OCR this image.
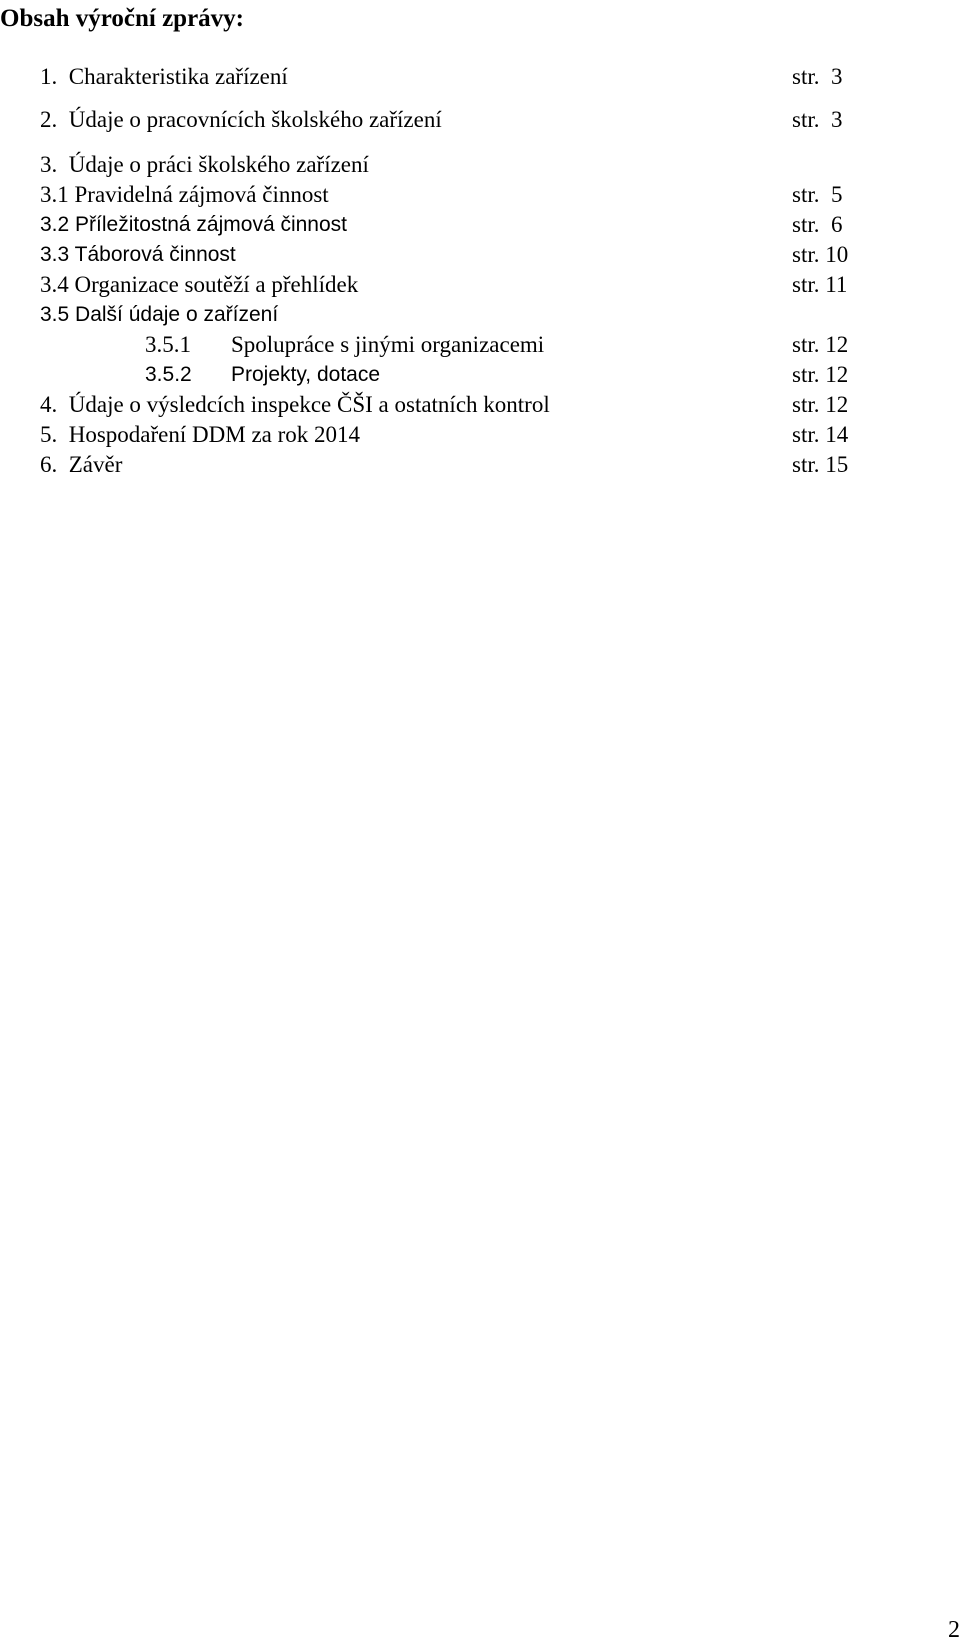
Obsah výroční zprávy:
1. Charakteristika zařízení	str.  3
2. Údaje o pracovnících školského zařízení	str.  3
3. Údaje o práci školského zařízení
3.1 Pravidelná zájmová činnost	str.  5
3.2 Příležitostná zájmová činnost	str.  6
3.3 Táborová činnost	str. 10
3.4 Organizace soutěží a přehlídek	str. 11
3.5 Další údaje o zařízení
3.5.1 Spolupráce s jinými organizacemi	str. 12
3.5.2 Projekty, dotace	str. 12
4. Údaje o výsledcích inspekce ČŠI a ostatních kontrol	str. 12
5. Hospodaření DDM za rok 2014	str. 14
6. Závěr	str. 15
2
